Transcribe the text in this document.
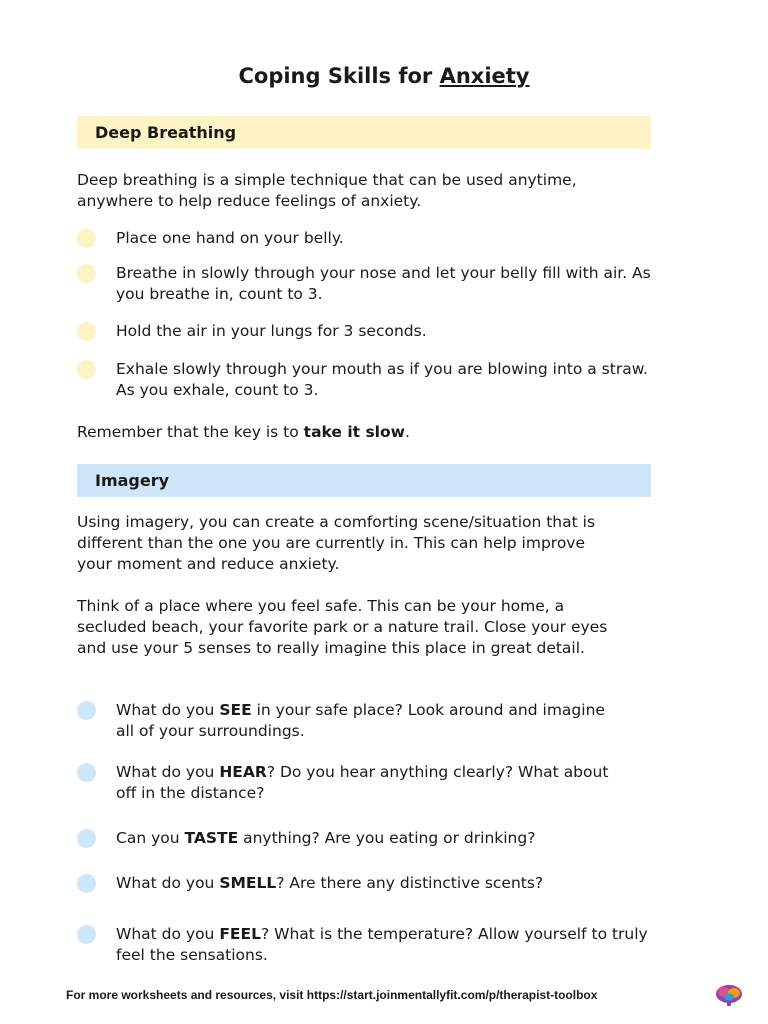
Coping Skills for Anxiety
Deep Breathing

Deep breathing is a simple technique that can be used anytime, anywhere to help reduce feelings of anxiety.

Place one hand on your belly.
Breathe in slowly through your nose and let your belly fill with air. As you breathe in, count to 3.
Hold the air in your lungs for 3 seconds.
Exhale slowly through your mouth as if you are blowing into a straw. As you exhale, count to 3.

Remember that the key is to take it slow.

Imagery

Using imagery, you can create a comforting scene/situation that is different than the one you are currently in. This can help improve your moment and reduce anxiety.

Think of a place where you feel safe. This can be your home, a secluded beach, your favorite park or a nature trail. Close your eyes and use your 5 senses to really imagine this place in great detail.

What do you SEE in your safe place? Look around and imagine all of your surroundings.
What do you HEAR? Do you hear anything clearly? What about off in the distance?
Can you TASTE anything? Are you eating or drinking?
What do you SMELL? Are there any distinctive scents?
What do you FEEL? What is the temperature? Allow yourself to truly feel the sensations.
For more worksheets and resources, visit https://start.joinmentallyfit.com/p/therapist-toolbox
